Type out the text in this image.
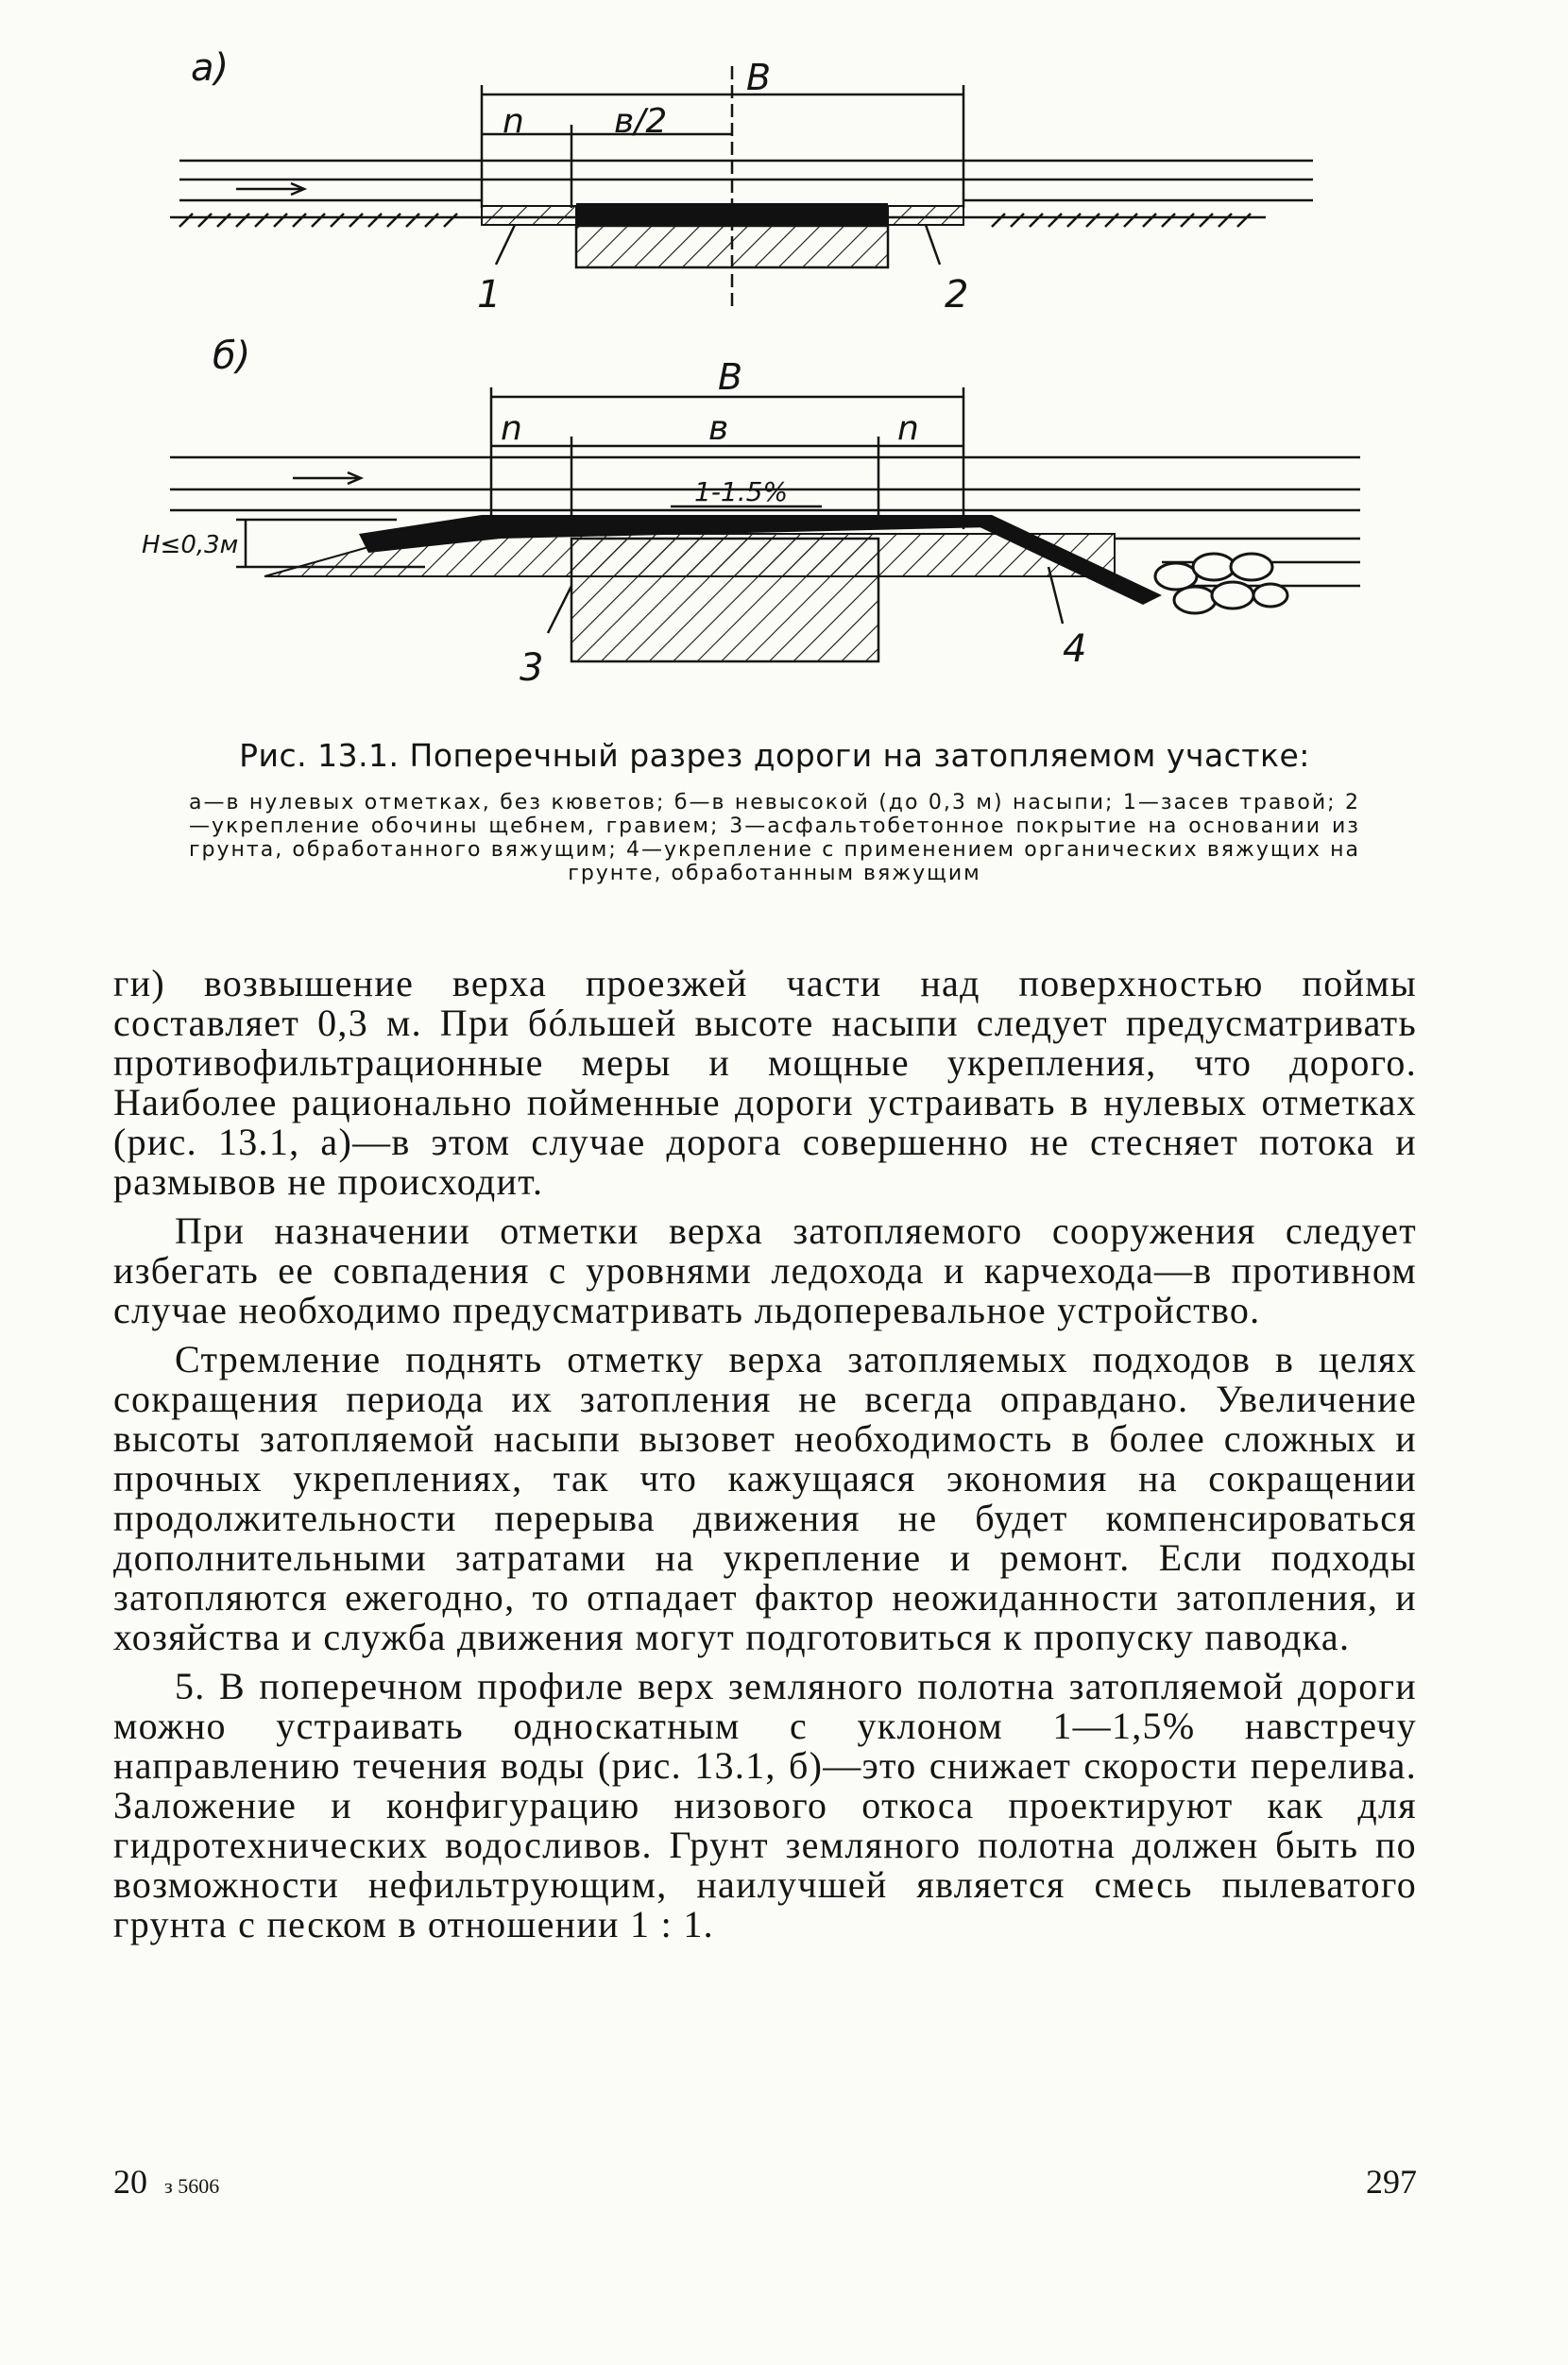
а)
n	в/2
В
1	2
б)
n	в	n
В
1-1.5%
H≤0,3м
3	4
Рис. 13.1. Поперечный разрез дороги на затопляемом участке:
а—в нулевых отметках, без кюветов; б—в невысокой (до 0,3 м) насыпи; 1—засев травой; 2—укрепление обочины щебнем, гравием; 3—асфальтобетонное покрытие на основании из грунта, обработанного вяжущим; 4—укрепление с применением органических вяжущих на грунте, обработанным вяжущим

ги) возвышение верха проезжей части над поверхностью поймы составляет 0,3 м. При бóльшей высоте насыпи следует предусматривать противофильтрационные меры и мощные укрепления, что дорого. Наиболее рационально пойменные дороги устраивать в нулевых отметках (рис. 13.1, а)—в этом случае дорога совершенно не стесняет потока и размывов не происходит.

При назначении отметки верха затопляемого сооружения следует избегать ее совпадения с уровнями ледохода и карчехода—в противном случае необходимо предусматривать льдоперевальное устройство.

Стремление поднять отметку верха затопляемых подходов в целях сокращения периода их затопления не всегда оправдано. Увеличение высоты затопляемой насыпи вызовет необходимость в более сложных и прочных укреплениях, так что кажущаяся экономия на сокращении продолжительности перерыва движения не будет компенсироваться дополнительными затратами на укрепление и ремонт. Если подходы затопляются ежегодно, то отпадает фактор неожиданности затопления, и хозяйства и служба движения могут подготовиться к пропуску паводка.

5. В поперечном профиле верх земляного полотна затопляемой дороги можно устраивать односкатным с уклоном 1—1,5% навстречу направлению течения воды (рис. 13.1, б)—это снижает скорости перелива. Заложение и конфигурацию низового откоса проектируют как для гидротехнических водосливов. Грунт земляного полотна должен быть по возможности нефильтрующим, наилучшей является смесь пылеватого грунта с песком в отношении 1 : 1.

20 з 5606	297
